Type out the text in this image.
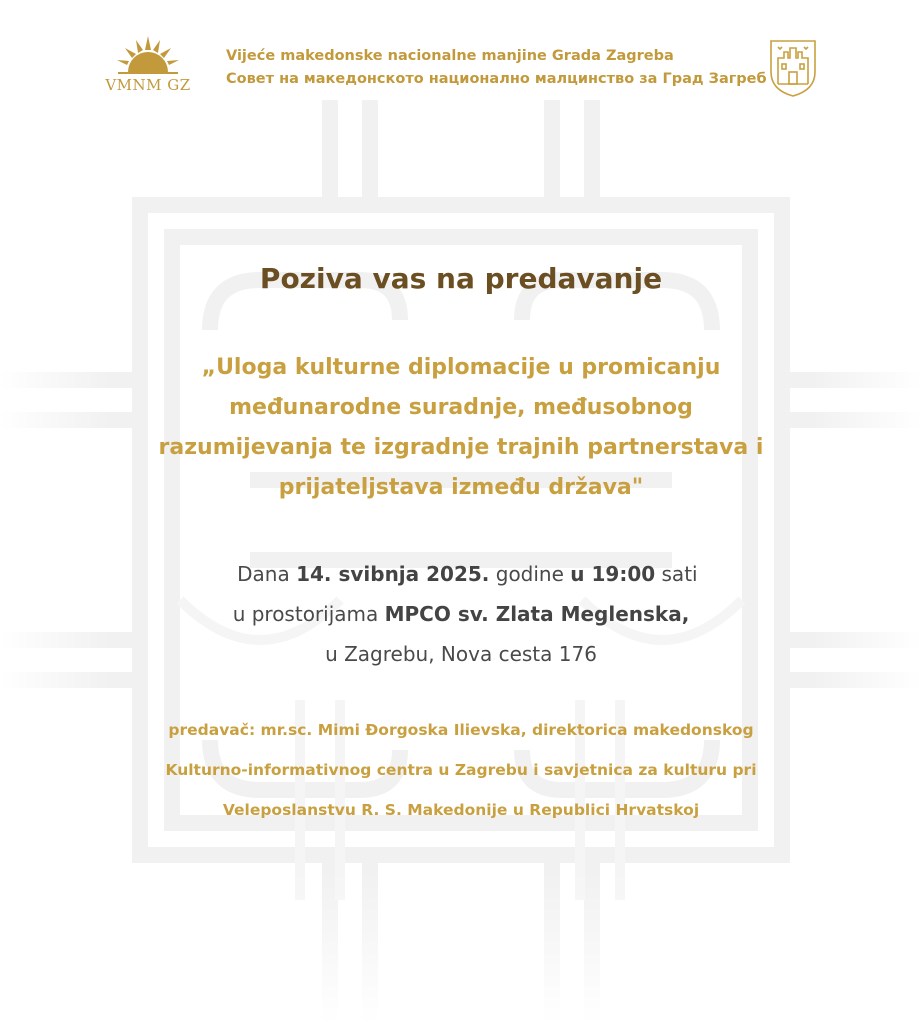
VMNM GZ
Vijeće makedonske nacionalne manjine Grada Zagreba
Совет на македонското национално малцинство за Град Загреб
Poziva vas na predavanje
„Uloga kulturne diplomacije u promicanju
međunarodne suradnje, međusobnog
razumijevanja te izgradnje trajnih partnerstava i
prijateljstava između država"
Dana 14. svibnja 2025. godine u 19:00 sati
u prostorijama MPCO sv. Zlata Meglenska,
u Zagrebu, Nova cesta 176
predavač: mr.sc. Mimi Đorgoska Ilievska, direktorica makedonskog
Kulturno-informativnog centra u Zagrebu i savjetnica za kulturu pri
Veleposlanstvu R. S. Makedonije u Republici Hrvatskoj
